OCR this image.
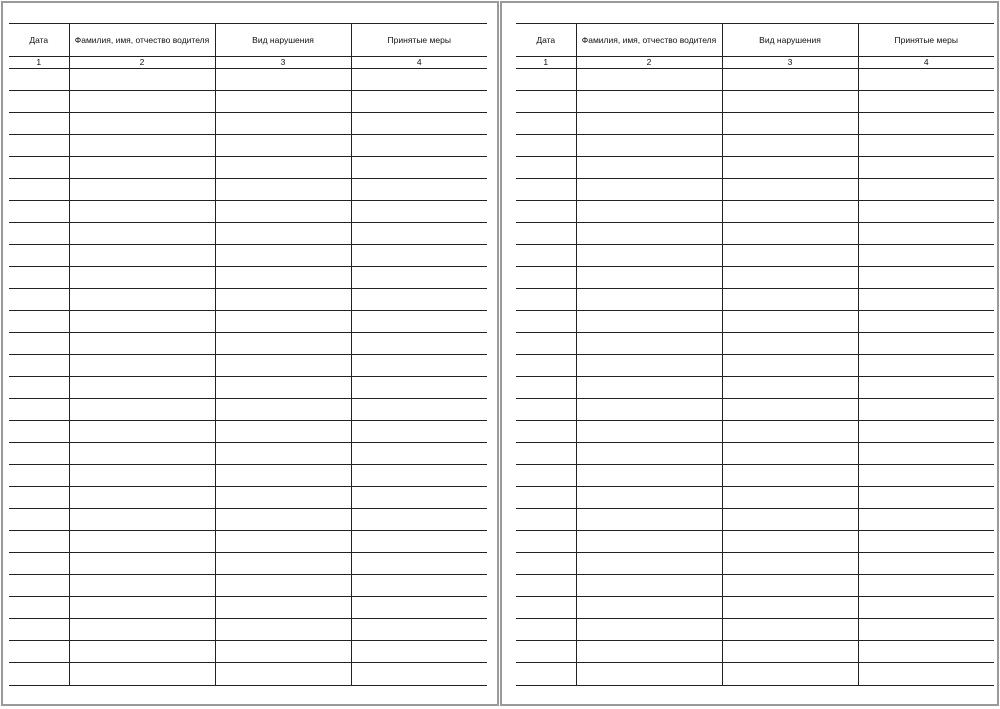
Дата	Фамилия, имя, отчество водителя	Вид нарушения	Принятые меры
1	2	3	4

Дата	Фамилия, имя, отчество водителя	Вид нарушения	Принятые меры
1	2	3	4
